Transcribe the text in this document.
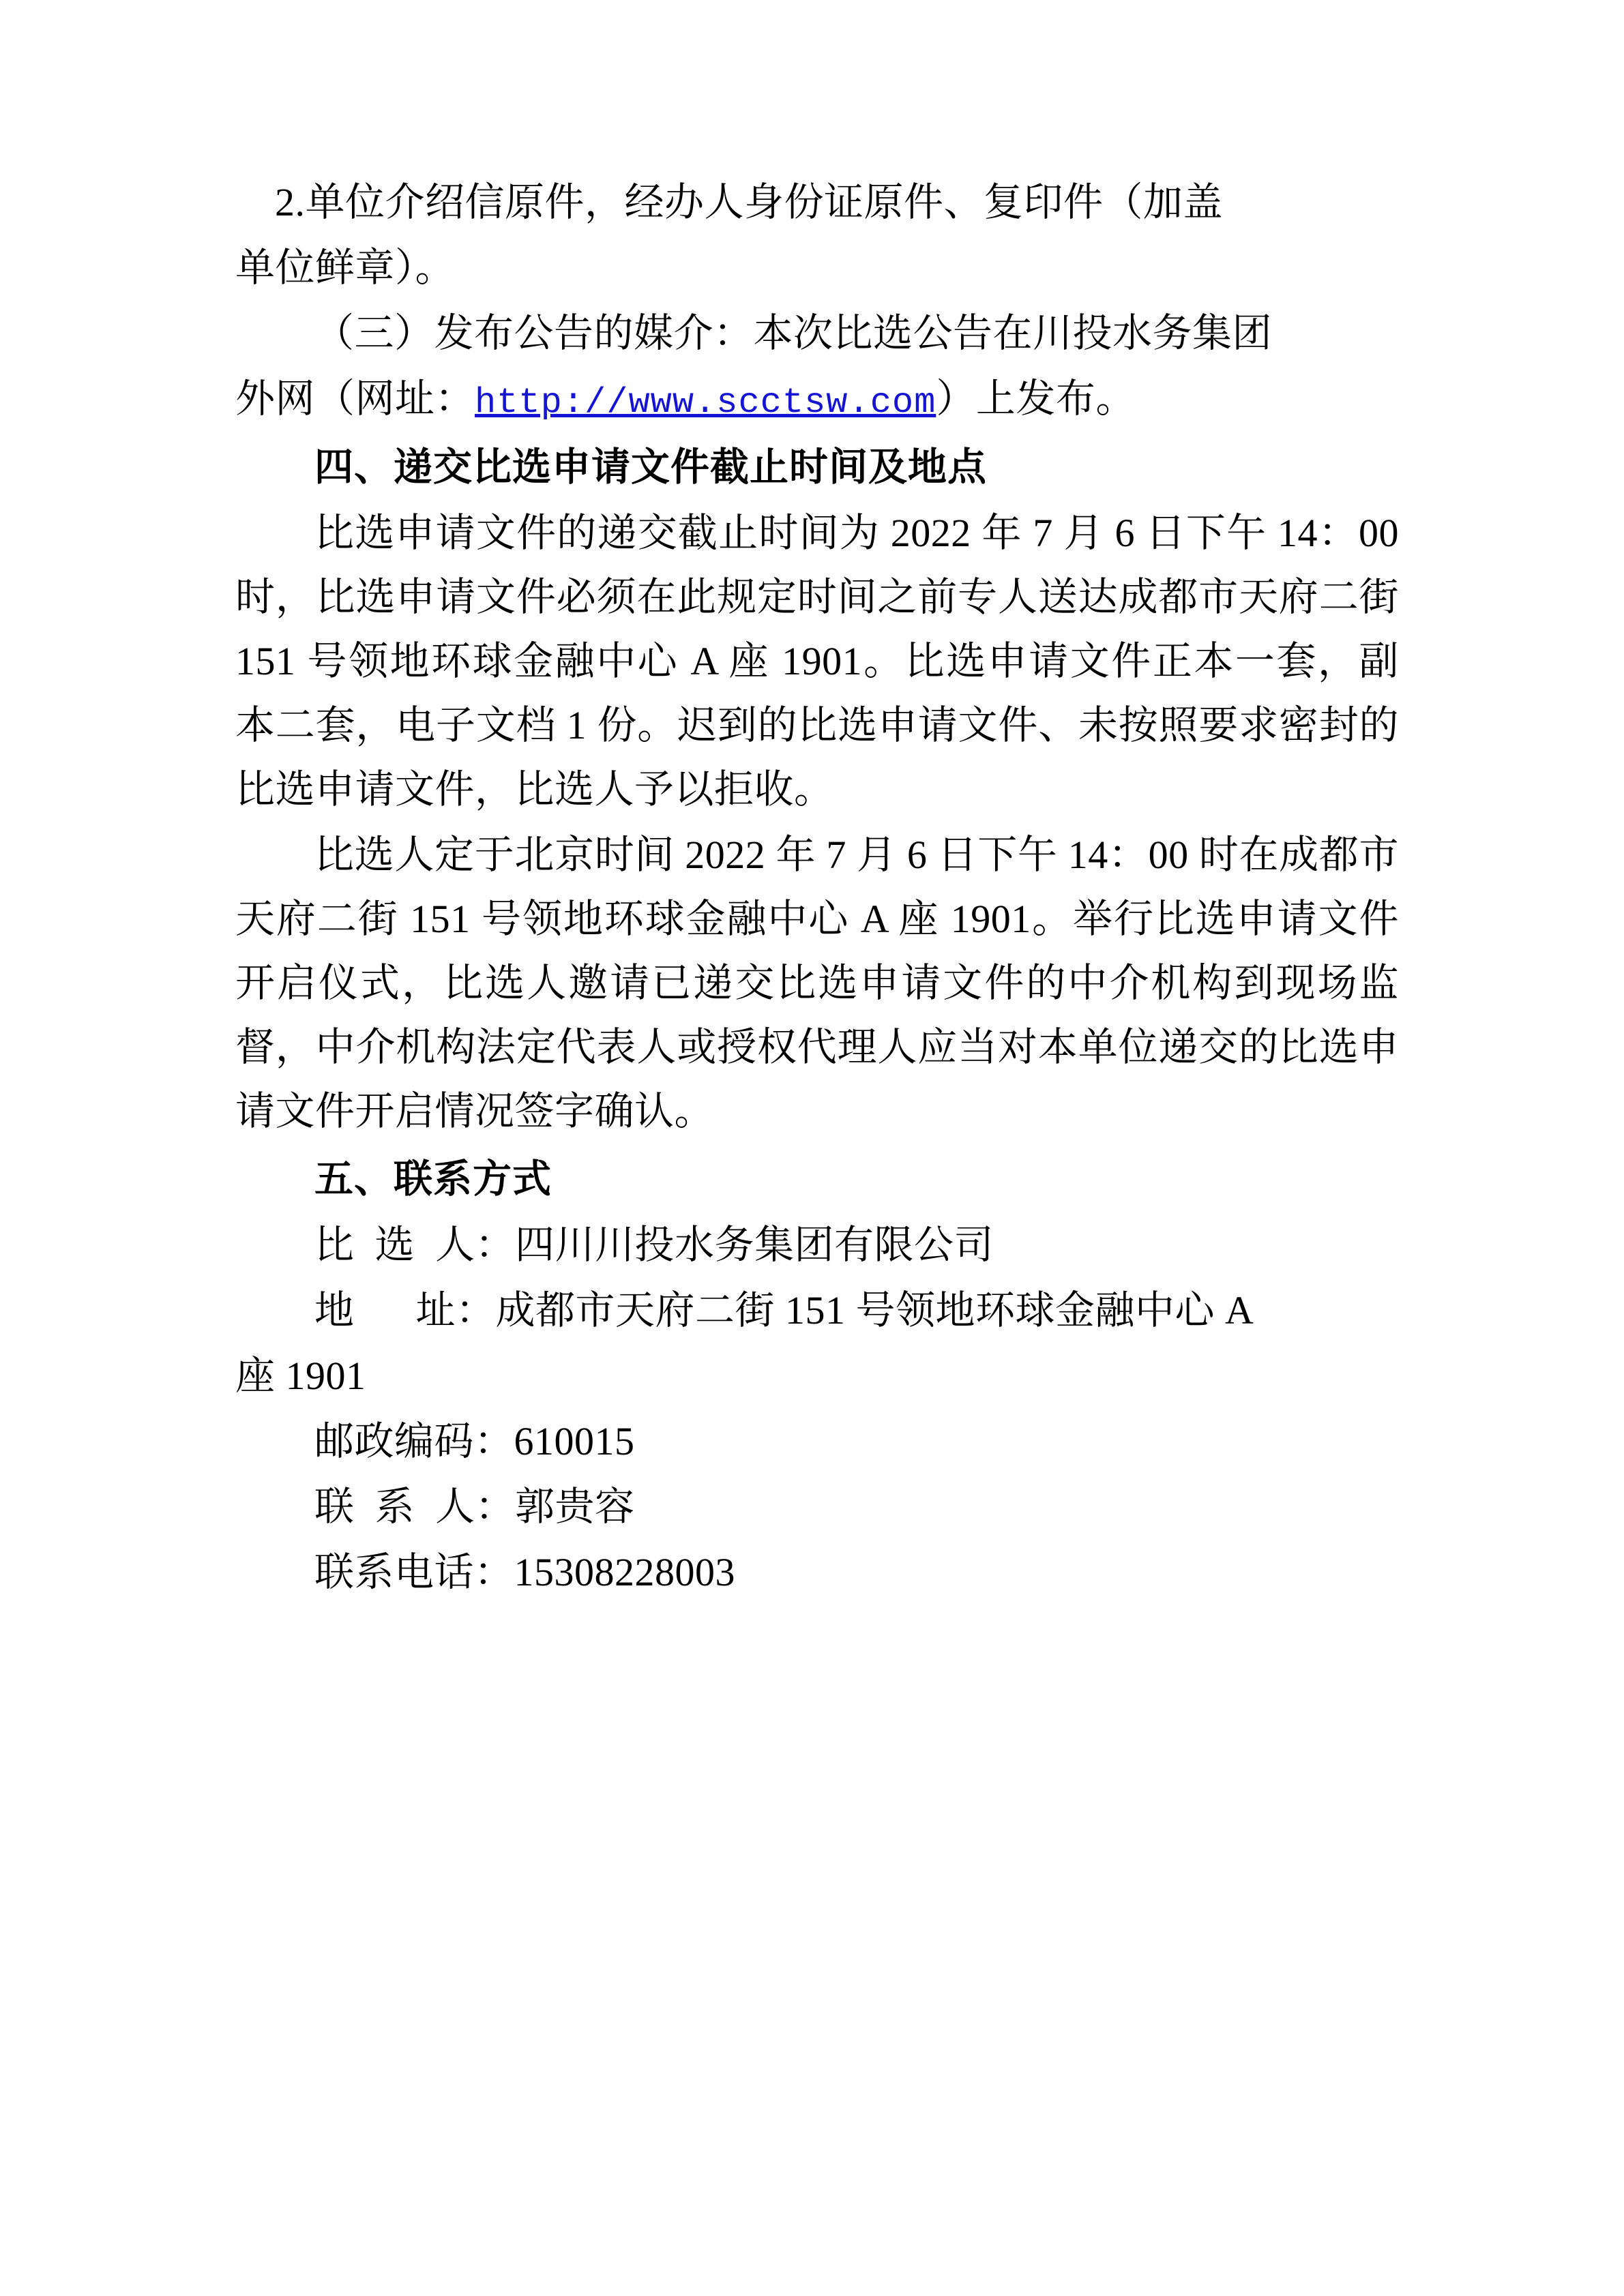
2.单位介绍信原件，经办人身份证原件、复印件（加盖

单位鲜章）。

（三）发布公告的媒介：本次比选公告在川投水务集团

外网（网址：http://www.scctsw.com）上发布。

四、递交比选申请文件截止时间及地点

比选申请文件的递交截止时间为 2022 年 7 月 6 日下午 14：00 时，比选申请文件必须在此规定时间之前专人送达成都市天府二街 151 号领地环球金融中心 A 座 1901。比选申请文件正本一套，副本二套，电子文档 1 份。迟到的比选申请文件、未按照要求密封的比选申请文件，比选人予以拒收。

比选人定于北京时间 2022 年 7 月 6 日下午 14：00 时在成都市天府二街 151 号领地环球金融中心 A 座 1901。举行比选申请文件开启仪式，比选人邀请已递交比选申请文件的中介机构到现场监督，中介机构法定代表人或授权代理人应当对本单位递交的比选申请文件开启情况签字确认。

五、联系方式

比  选  人：四川川投水务集团有限公司

地      址：成都市天府二街 151 号领地环球金融中心 A

座 1901

邮政编码：610015

联  系  人：郭贵容

联系电话：15308228003
